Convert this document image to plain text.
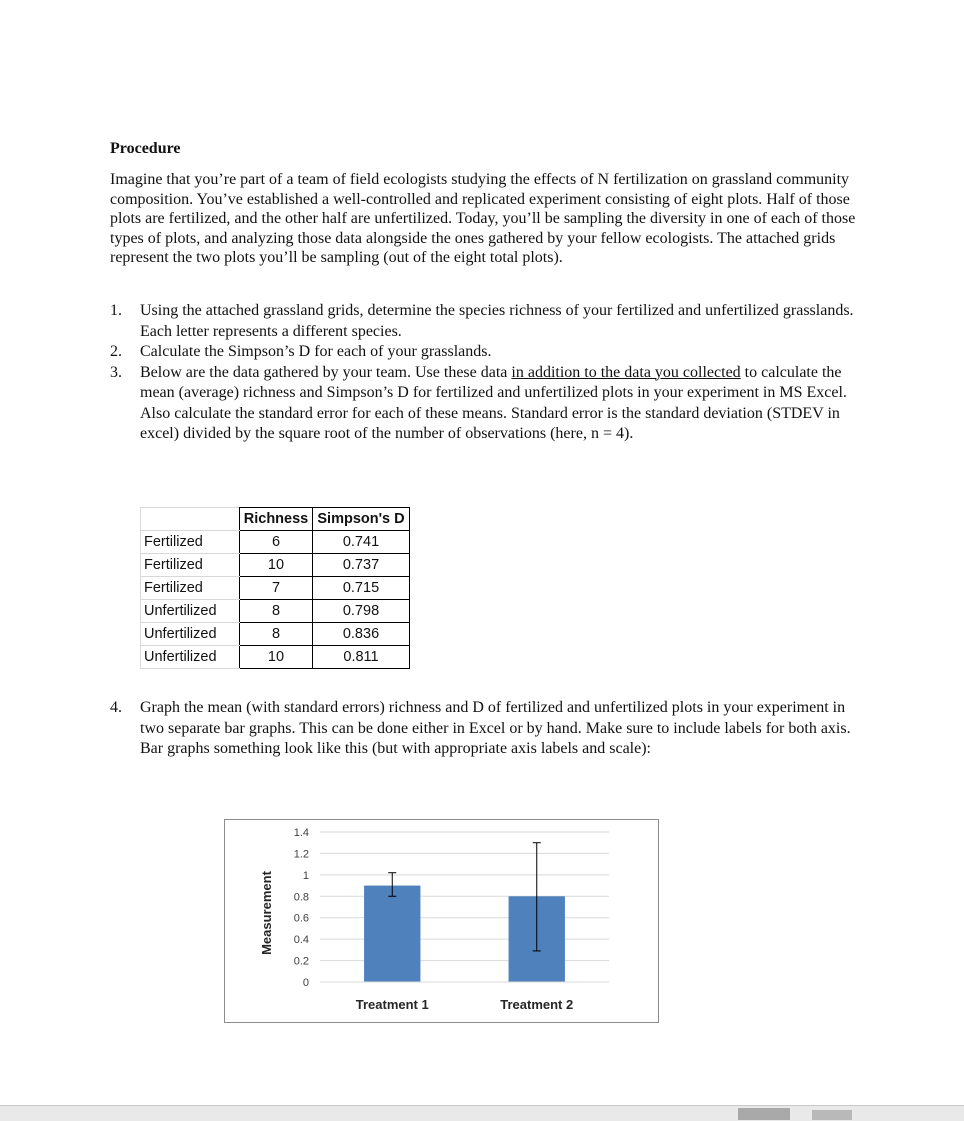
Procedure

Imagine that you’re part of a team of field ecologists studying the effects of N fertilization on grassland community composition. You’ve established a well-controlled and replicated experiment consisting of eight plots. Half of those plots are fertilized, and the other half are unfertilized. Today, you’ll be sampling the diversity in one of each of those types of plots, and analyzing those data alongside the ones gathered by your fellow ecologists. The attached grids represent the two plots you’ll be sampling (out of the eight total plots).

1.	Using the attached grassland grids, determine the species richness of your fertilized and unfertilized grasslands. Each letter represents a different species.
2.	Calculate the Simpson’s D for each of your grasslands.
3.	Below are the data gathered by your team. Use these data in addition to the data you collected to calculate the mean (average) richness and Simpson’s D for fertilized and unfertilized plots in your experiment in MS Excel. Also calculate the standard error for each of these means. Standard error is the standard deviation (STDEV in excel) divided by the square root of the number of observations (here, n = 4).
	Richness	Simpson's D
Fertilized	6	0.741
Fertilized	10	0.737
Fertilized	7	0.715
Unfertilized	8	0.798
Unfertilized	8	0.836
Unfertilized	10	0.811
4.	Graph the mean (with standard errors) richness and D of fertilized and unfertilized plots in your experiment in two separate bar graphs. This can be done either in Excel or by hand. Make sure to include labels for both axis. Bar graphs something look like this (but with appropriate axis labels and scale):
0
0.2
0.4
0.6
0.8
1
1.2
1.4
Measurement
Treatment 1	Treatment 2
